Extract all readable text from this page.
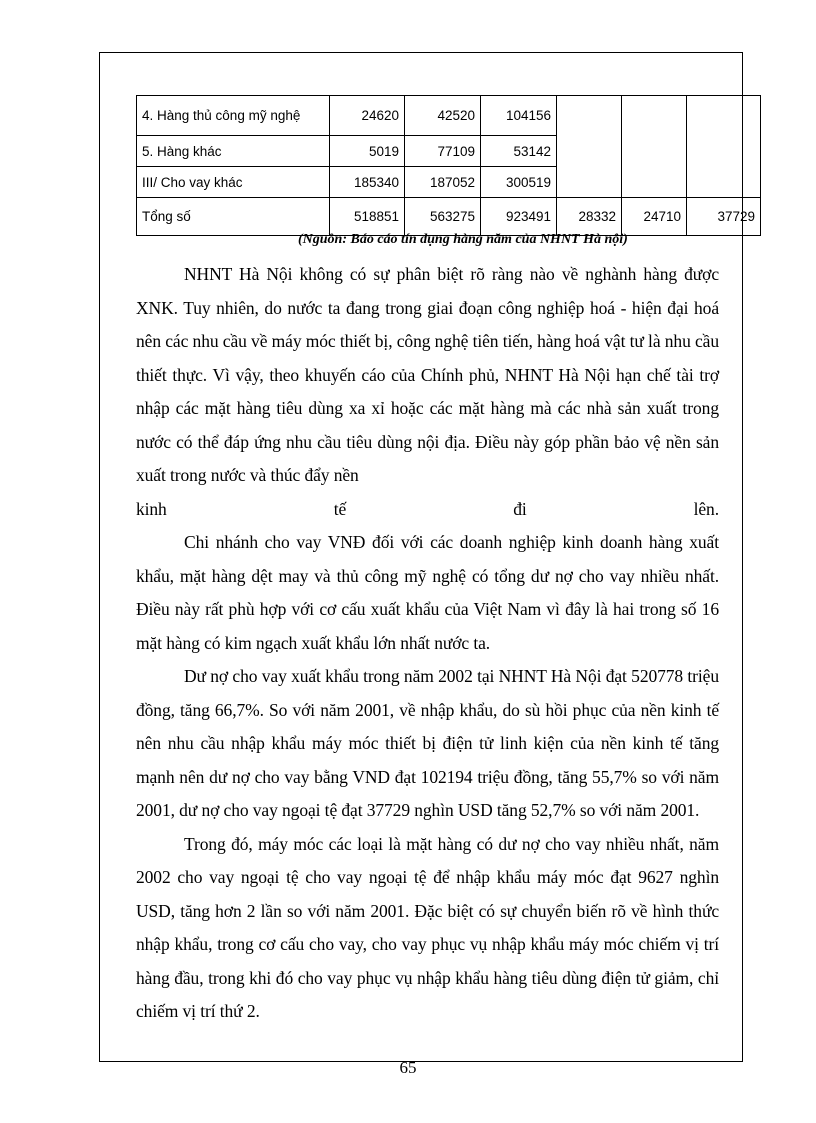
4. Hàng thủ công mỹ nghệ	24620	42520	104156			
5. Hàng khác	5019	77109	53142			
III/ Cho vay khác	185340	187052	300519			
Tổng số	518851	563275	923491	28332	24710	37729
(Nguồn: Báo cáo tín dụng hàng năm của NHNT Hà nội)

NHNT Hà Nội không có sự phân biệt rõ ràng nào về nghành hàng được XNK. Tuy nhiên, do nước ta đang trong giai đoạn công nghiệp hoá - hiện đại hoá nên các nhu cầu về máy móc thiết bị, công nghệ tiên tiến, hàng hoá vật tư là nhu cầu thiết thực. Vì vậy, theo khuyến cáo của Chính phủ, NHNT Hà Nội hạn chế tài trợ nhập các mặt hàng tiêu dùng xa xỉ hoặc các mặt hàng mà các nhà sản xuất trong nước có thể đáp ứng nhu cầu tiêu dùng nội địa. Điều này góp phần bảo vệ nền sản xuất trong nước và thúc đẩy nền

kinh	tế	đi	lên.

Chi nhánh cho vay VNĐ đối với các doanh nghiệp kinh doanh hàng xuất khẩu, mặt hàng dệt may và thủ công mỹ nghệ có tổng dư nợ cho vay nhiều nhất. Điều này rất phù hợp với cơ cấu xuất khẩu của Việt Nam vì đây là hai trong số 16 mặt hàng có kim ngạch xuất khẩu lớn nhất nước ta.

Dư nợ cho vay xuất khẩu trong năm 2002 tại NHNT Hà Nội đạt 520778 triệu đồng, tăng 66,7%. So với năm 2001, về nhập khẩu, do sù hồi phục của nền kinh tế nên nhu cầu nhập khẩu máy móc thiết bị điện tử linh kiện của nền kinh tế tăng mạnh nên dư nợ cho vay bằng VND đạt 102194 triệu đồng, tăng 55,7% so với năm 2001, dư nợ cho vay ngoại tệ đạt 37729 nghìn USD tăng 52,7% so với năm 2001.

Trong đó, máy móc các loại là mặt hàng có dư nợ cho vay nhiều nhất, năm 2002 cho vay ngoại tệ cho vay ngoại tệ để nhập khẩu máy móc đạt 9627 nghìn USD, tăng hơn 2 lần so với năm 2001. Đặc biệt có sự chuyển biến rõ về hình thức nhập khẩu, trong cơ cấu cho vay, cho vay phục vụ nhập khẩu máy móc chiếm vị trí hàng đầu, trong khi đó cho vay phục vụ nhập khẩu hàng tiêu dùng điện tử giảm, chỉ chiếm vị trí thứ 2.

65
